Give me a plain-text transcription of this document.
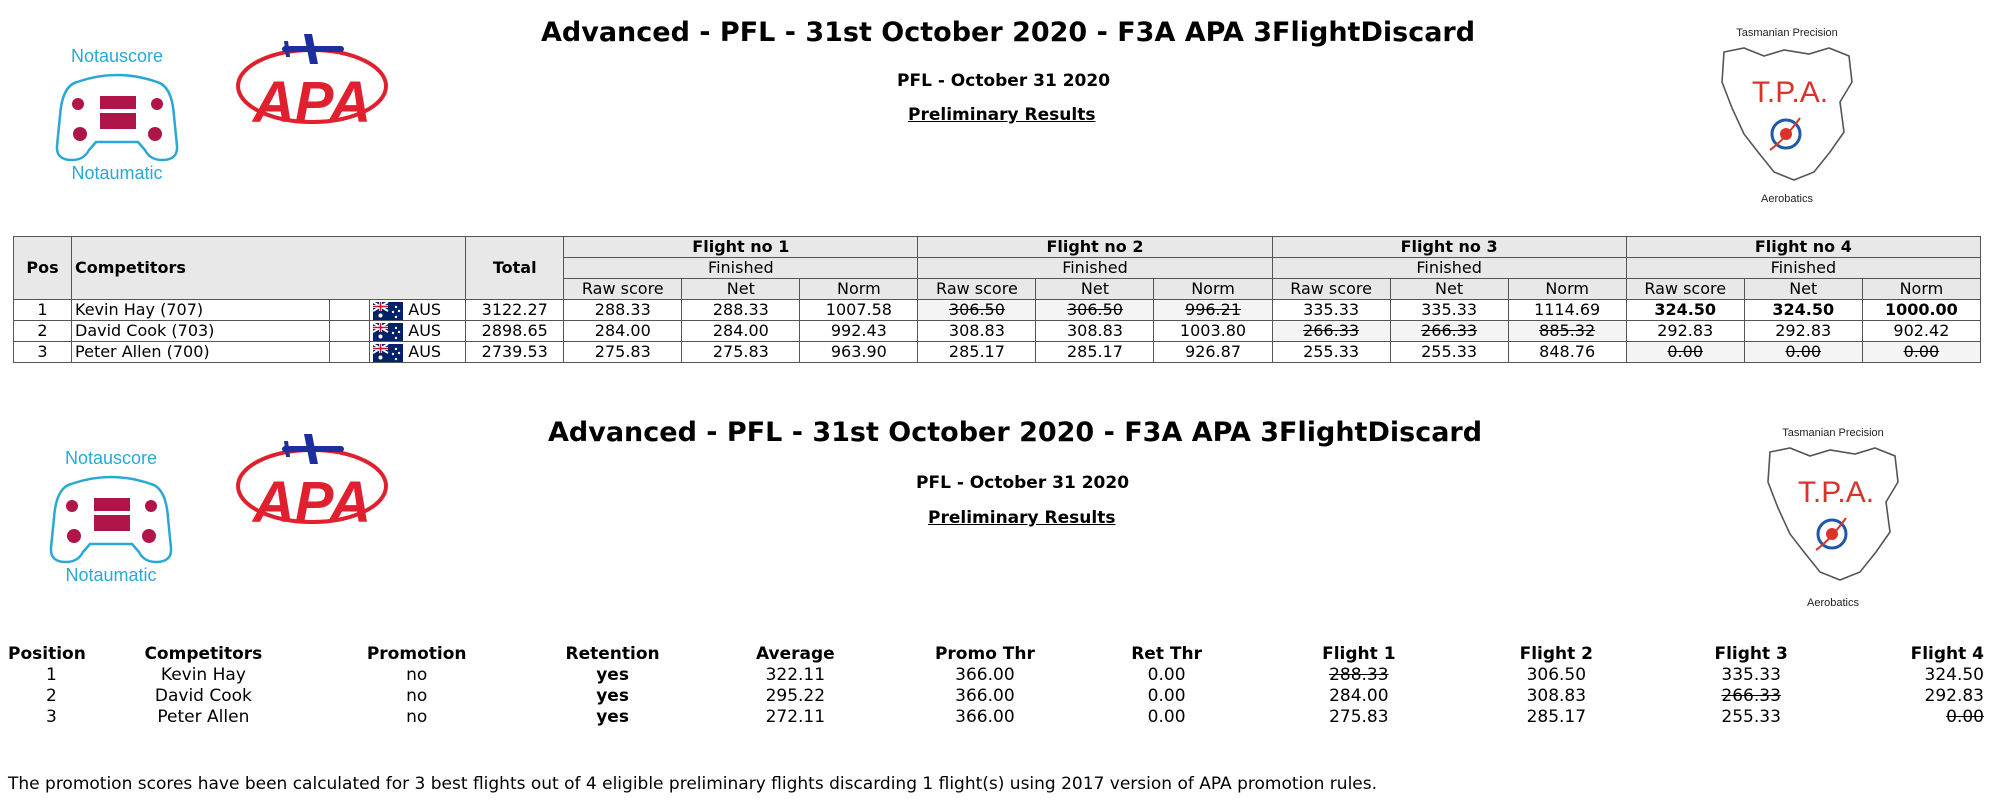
Notauscore
Notaumatic
APA
Advanced - PFL - 31st October 2020 - F3A APA 3FlightDiscard
PFL - October 31 2020
Preliminary Results
Tasmanian Precision
T.P.A.
Aerobatics
Pos	Competitors			Total	Flight no 1			Flight no 2			Flight no 3			Flight no 4		
					Finished			Finished			Finished			Finished		
					Raw score	Net	Norm	Raw score	Net	Norm	Raw score	Net	Norm	Raw score	Net	Norm
1	Kevin Hay (707)		AUS	3122.27	288.33	288.33	1007.58	306.50	306.50	996.21	335.33	335.33	1114.69	324.50	324.50	1000.00
2	David Cook (703)		AUS	2898.65	284.00	284.00	992.43	308.83	308.83	1003.80	266.33	266.33	885.32	292.83	292.83	902.42
3	Peter Allen (700)		AUS	2739.53	275.83	275.83	963.90	285.17	285.17	926.87	255.33	255.33	848.76	0.00	0.00	0.00
Notauscore
Notaumatic
APA
Advanced - PFL - 31st October 2020 - F3A APA 3FlightDiscard
PFL - October 31 2020
Preliminary Results
Tasmanian Precision
T.P.A.
Aerobatics
Position	Competitors	Promotion	Retention	Average	Promo Thr	Ret Thr	Flight 1	Flight 2	Flight 3	Flight 4
1	Kevin Hay	no	yes	322.11	366.00	0.00	288.33	306.50	335.33	324.50
2	David Cook	no	yes	295.22	366.00	0.00	284.00	308.83	266.33	292.83
3	Peter Allen	no	yes	272.11	366.00	0.00	275.83	285.17	255.33	0.00
The promotion scores have been calculated for 3 best flights out of 4 eligible preliminary flights discarding 1 flight(s) using 2017 version of APA promotion rules.
